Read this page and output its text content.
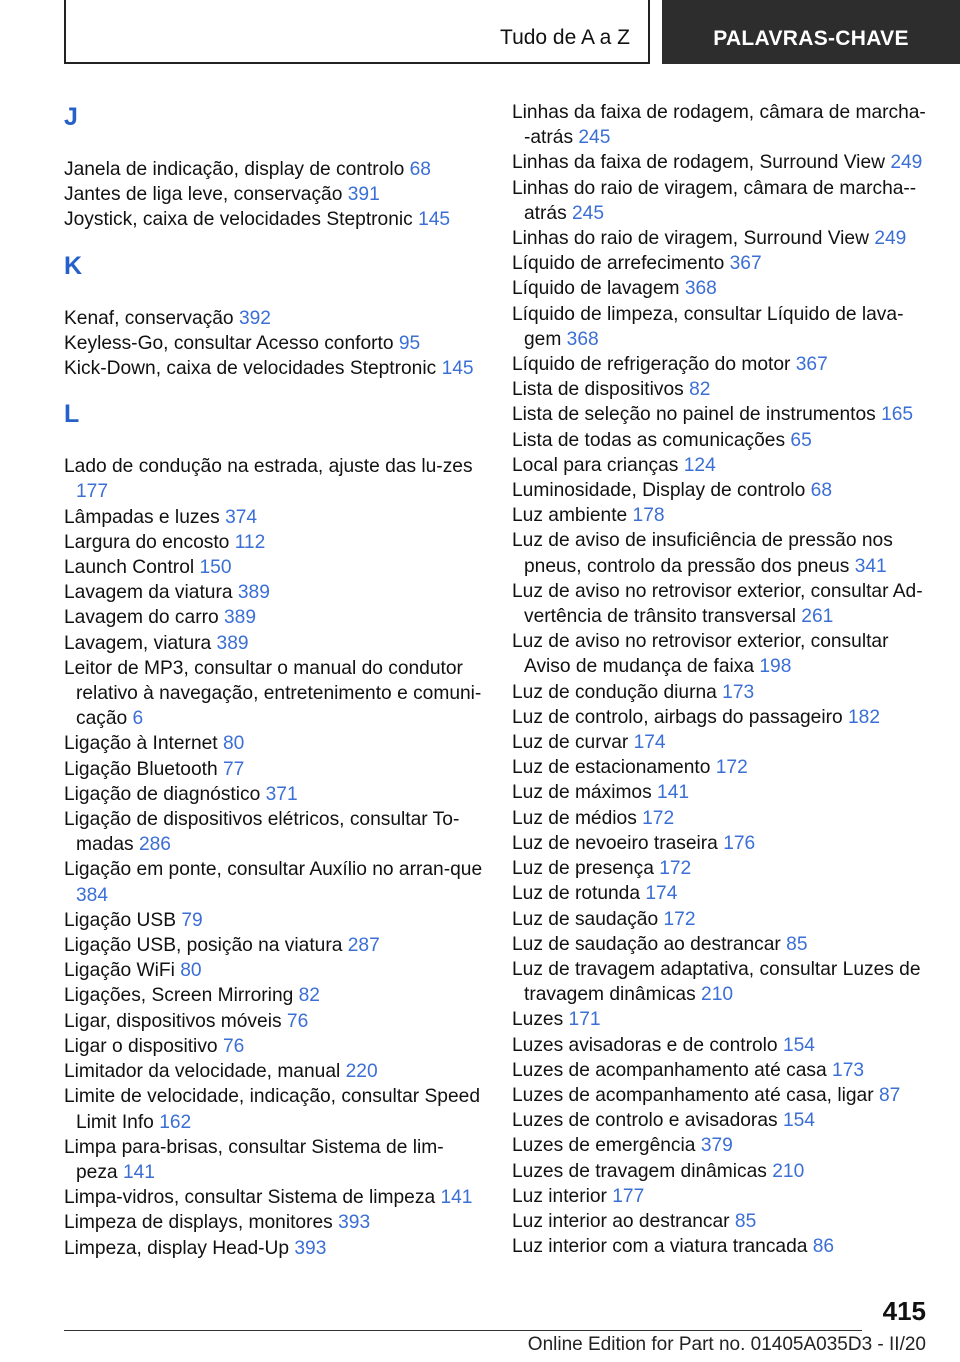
Tudo de A a Z	PALAVRAS-CHAVE
J
Janela de indicação, display de controlo 68
Jantes de liga leve, conservação 391
Joystick, caixa de velocidades Steptronic 145
K
Kenaf, conservação 392
Keyless-Go, consultar Acesso conforto 95
Kick-Down, caixa de velocidades Steptronic 145
L
Lado de condução na estrada, ajuste das lu-zes 177
Lâmpadas e luzes 374
Largura do encosto 112
Launch Control 150
Lavagem da viatura 389
Lavagem do carro 389
Lavagem, viatura 389
Leitor de MP3, consultar o manual do condutor relativo à navegação, entretenimento e comuni-cação 6
Ligação à Internet 80
Ligação Bluetooth 77
Ligação de diagnóstico 371
Ligação de dispositivos elétricos, consultar To-madas 286
Ligação em ponte, consultar Auxílio no arran-que 384
Ligação USB 79
Ligação USB, posição na viatura 287
Ligação WiFi 80
Ligações, Screen Mirroring 82
Ligar, dispositivos móveis 76
Ligar o dispositivo 76
Limitador da velocidade, manual 220
Limite de velocidade, indicação, consultar Speed Limit Info 162
Limpa para-brisas, consultar Sistema de lim-peza 141
Limpa-vidros, consultar Sistema de limpeza 141
Limpeza de displays, monitores 393
Limpeza, display Head-Up 393
Linhas da faixa de rodagem, câmara de marcha--atrás 245
Linhas da faixa de rodagem, Surround View 249
Linhas do raio de viragem, câmara de marcha--atrás 245
Linhas do raio de viragem, Surround View 249
Líquido de arrefecimento 367
Líquido de lavagem 368
Líquido de limpeza, consultar Líquido de lava-gem 368
Líquido de refrigeração do motor 367
Lista de dispositivos 82
Lista de seleção no painel de instrumentos 165
Lista de todas as comunicações 65
Local para crianças 124
Luminosidade, Display de controlo 68
Luz ambiente 178
Luz de aviso de insuficiência de pressão nos pneus, controlo da pressão dos pneus 341
Luz de aviso no retrovisor exterior, consultar Ad-vertência de trânsito transversal 261
Luz de aviso no retrovisor exterior, consultar Aviso de mudança de faixa 198
Luz de condução diurna 173
Luz de controlo, airbags do passageiro 182
Luz de curvar 174
Luz de estacionamento 172
Luz de máximos 141
Luz de médios 172
Luz de nevoeiro traseira 176
Luz de presença 172
Luz de rotunda 174
Luz de saudação 172
Luz de saudação ao destrancar 85
Luz de travagem adaptativa, consultar Luzes de travagem dinâmicas 210
Luzes 171
Luzes avisadoras e de controlo 154
Luzes de acompanhamento até casa 173
Luzes de acompanhamento até casa, ligar 87
Luzes de controlo e avisadoras 154
Luzes de emergência 379
Luzes de travagem dinâmicas 210
Luz interior 177
Luz interior ao destrancar 85
Luz interior com a viatura trancada 86
415
Online Edition for Part no. 01405A035D3 - II/20
